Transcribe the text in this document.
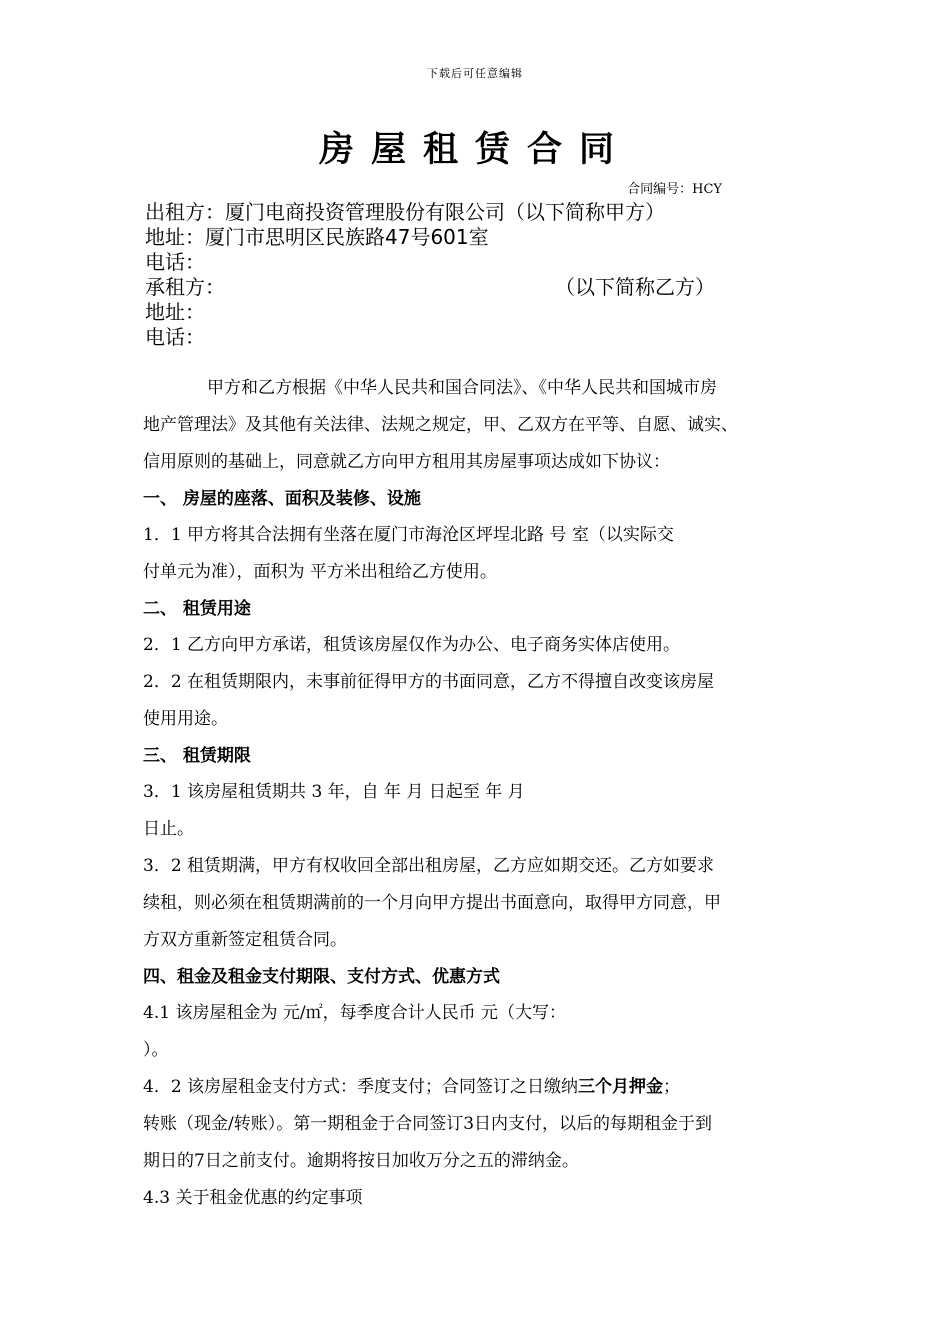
下载后可任意编辑
房屋租赁合同
合同编号：HCY
出租方：厦门电商投资管理股份有限公司（以下简称甲方）
地址：厦门市思明区民族路47号601室
电话：
承租方：	（以下简称乙方）
地址：
电话：
甲方和乙方根据《中华人民共和国合同法》、《中华人民共和国城市房
地产管理法》及其他有关法律、法规之规定，甲、乙双方在平等、自愿、诚实、
信用原则的基础上，同意就乙方向甲方租用其房屋事项达成如下协议：
一、 房屋的座落、面积及装修、设施
1．1 甲方将其合法拥有坐落在厦门市海沧区坪埕北路 号 室（以实际交
付单元为准），面积为 平方米出租给乙方使用。
二、 租赁用途
2．1 乙方向甲方承诺，租赁该房屋仅作为办公、电子商务实体店使用。
2．2 在租赁期限内，未事前征得甲方的书面同意，乙方不得擅自改变该房屋
使用用途。
三、 租赁期限
3．1 该房屋租赁期共 3 年，自 年 月 日起至 年 月
日止。
3．2 租赁期满，甲方有权收回全部出租房屋，乙方应如期交还。乙方如要求
续租，则必须在租赁期满前的一个月向甲方提出书面意向，取得甲方同意，甲
方双方重新签定租赁合同。
四、租金及租金支付期限、支付方式、优惠方式
4.1 该房屋租金为 元/㎡，每季度合计人民币 元（大写：
）。
4．2 该房屋租金支付方式：季度支付；合同签订之日缴纳三个月押金；
转账（现金/转账）。第一期租金于合同签订3日内支付，以后的每期租金于到
期日的7日之前支付。逾期将按日加收万分之五的滞纳金。
4.3 关于租金优惠的约定事项
